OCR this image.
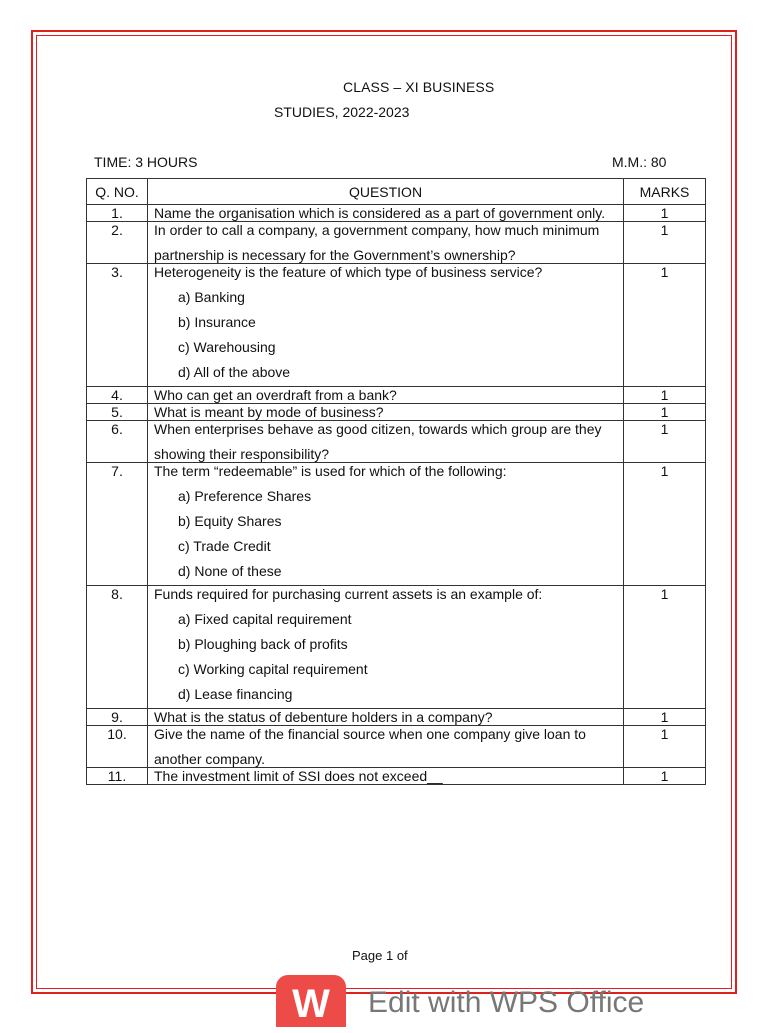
CLASS – XI BUSINESS
STUDIES, 2022-2023
TIME: 3 HOURS	M.M.: 80
Q. NO.	QUESTION	MARKS
1.	Name the organisation which is considered as a part of government only.	1
2.	In order to call a company, a government company, how much minimum
partnership is necessary for the Government’s ownership?	1
3.	Heterogeneity is the feature of which type of business service?
a) Banking
b) Insurance
c) Warehousing
d) All of the above	1
4.	Who can get an overdraft from a bank?	1
5.	What is meant by mode of business?	1
6.	When enterprises behave as good citizen, towards which group are they
showing their responsibility?	1
7.	The term “redeemable” is used for which of the following:
a) Preference Shares
b) Equity Shares
c) Trade Credit
d) None of these	1
8.	Funds required for purchasing current assets is an example of:
a) Fixed capital requirement
b) Ploughing back of profits
c) Working capital requirement
d) Lease financing	1
9.	What is the status of debenture holders in a company?	1
10.	Give the name of the financial source when one company give loan to
another company.	1
11.	The investment limit of SSI does not exceed__	1
Page 1 of
W	Edit with WPS Office
